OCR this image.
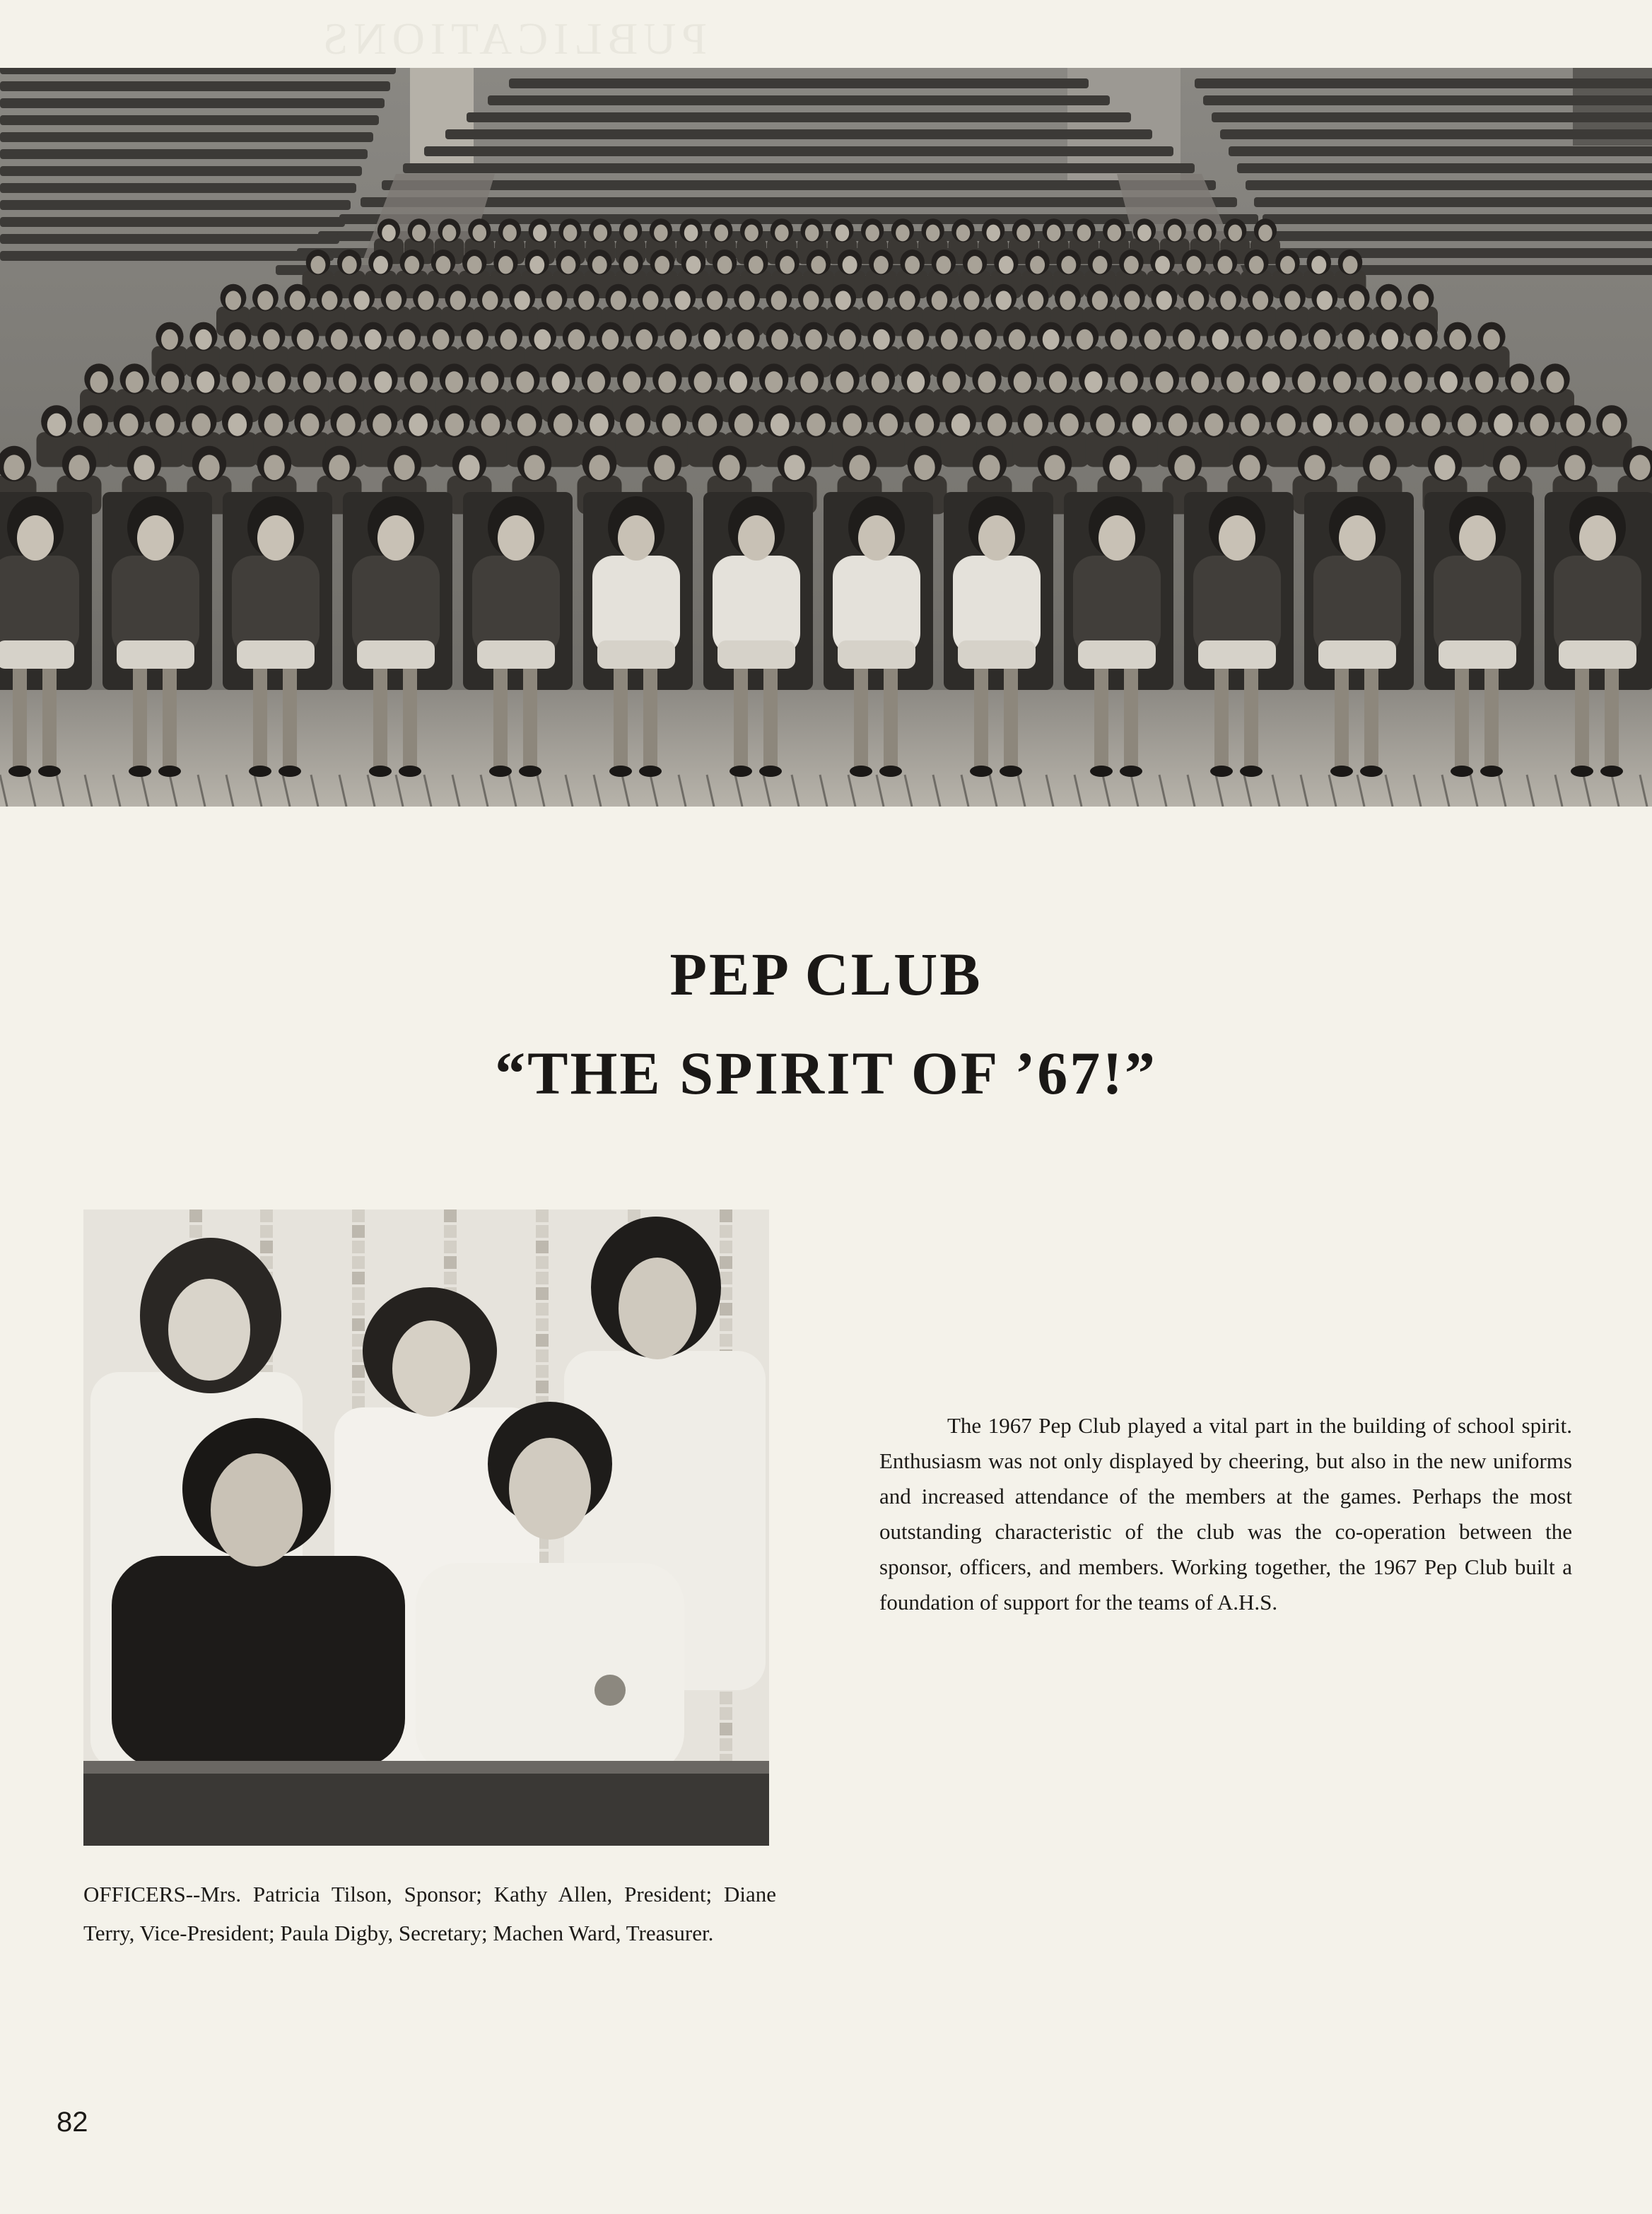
PUBLICATIONS
PEP CLUB
“THE SPIRIT OF ’67!”

The 1967 Pep Club played a vital part in the building of school spirit. Enthusiasm was not only displayed by cheering, but also in the new uniforms and increased attendance of the members at the games. Perhaps the most outstanding characteristic of the club was the co-operation between the sponsor, officers, and members. Working together, the 1967 Pep Club built a foundation of support for the teams of A.H.S.

OFFICERS--Mrs. Patricia Tilson, Sponsor; Kathy Allen, President; Diane Terry, Vice-President; Paula Digby, Secretary; Machen Ward, Treasurer.

82
